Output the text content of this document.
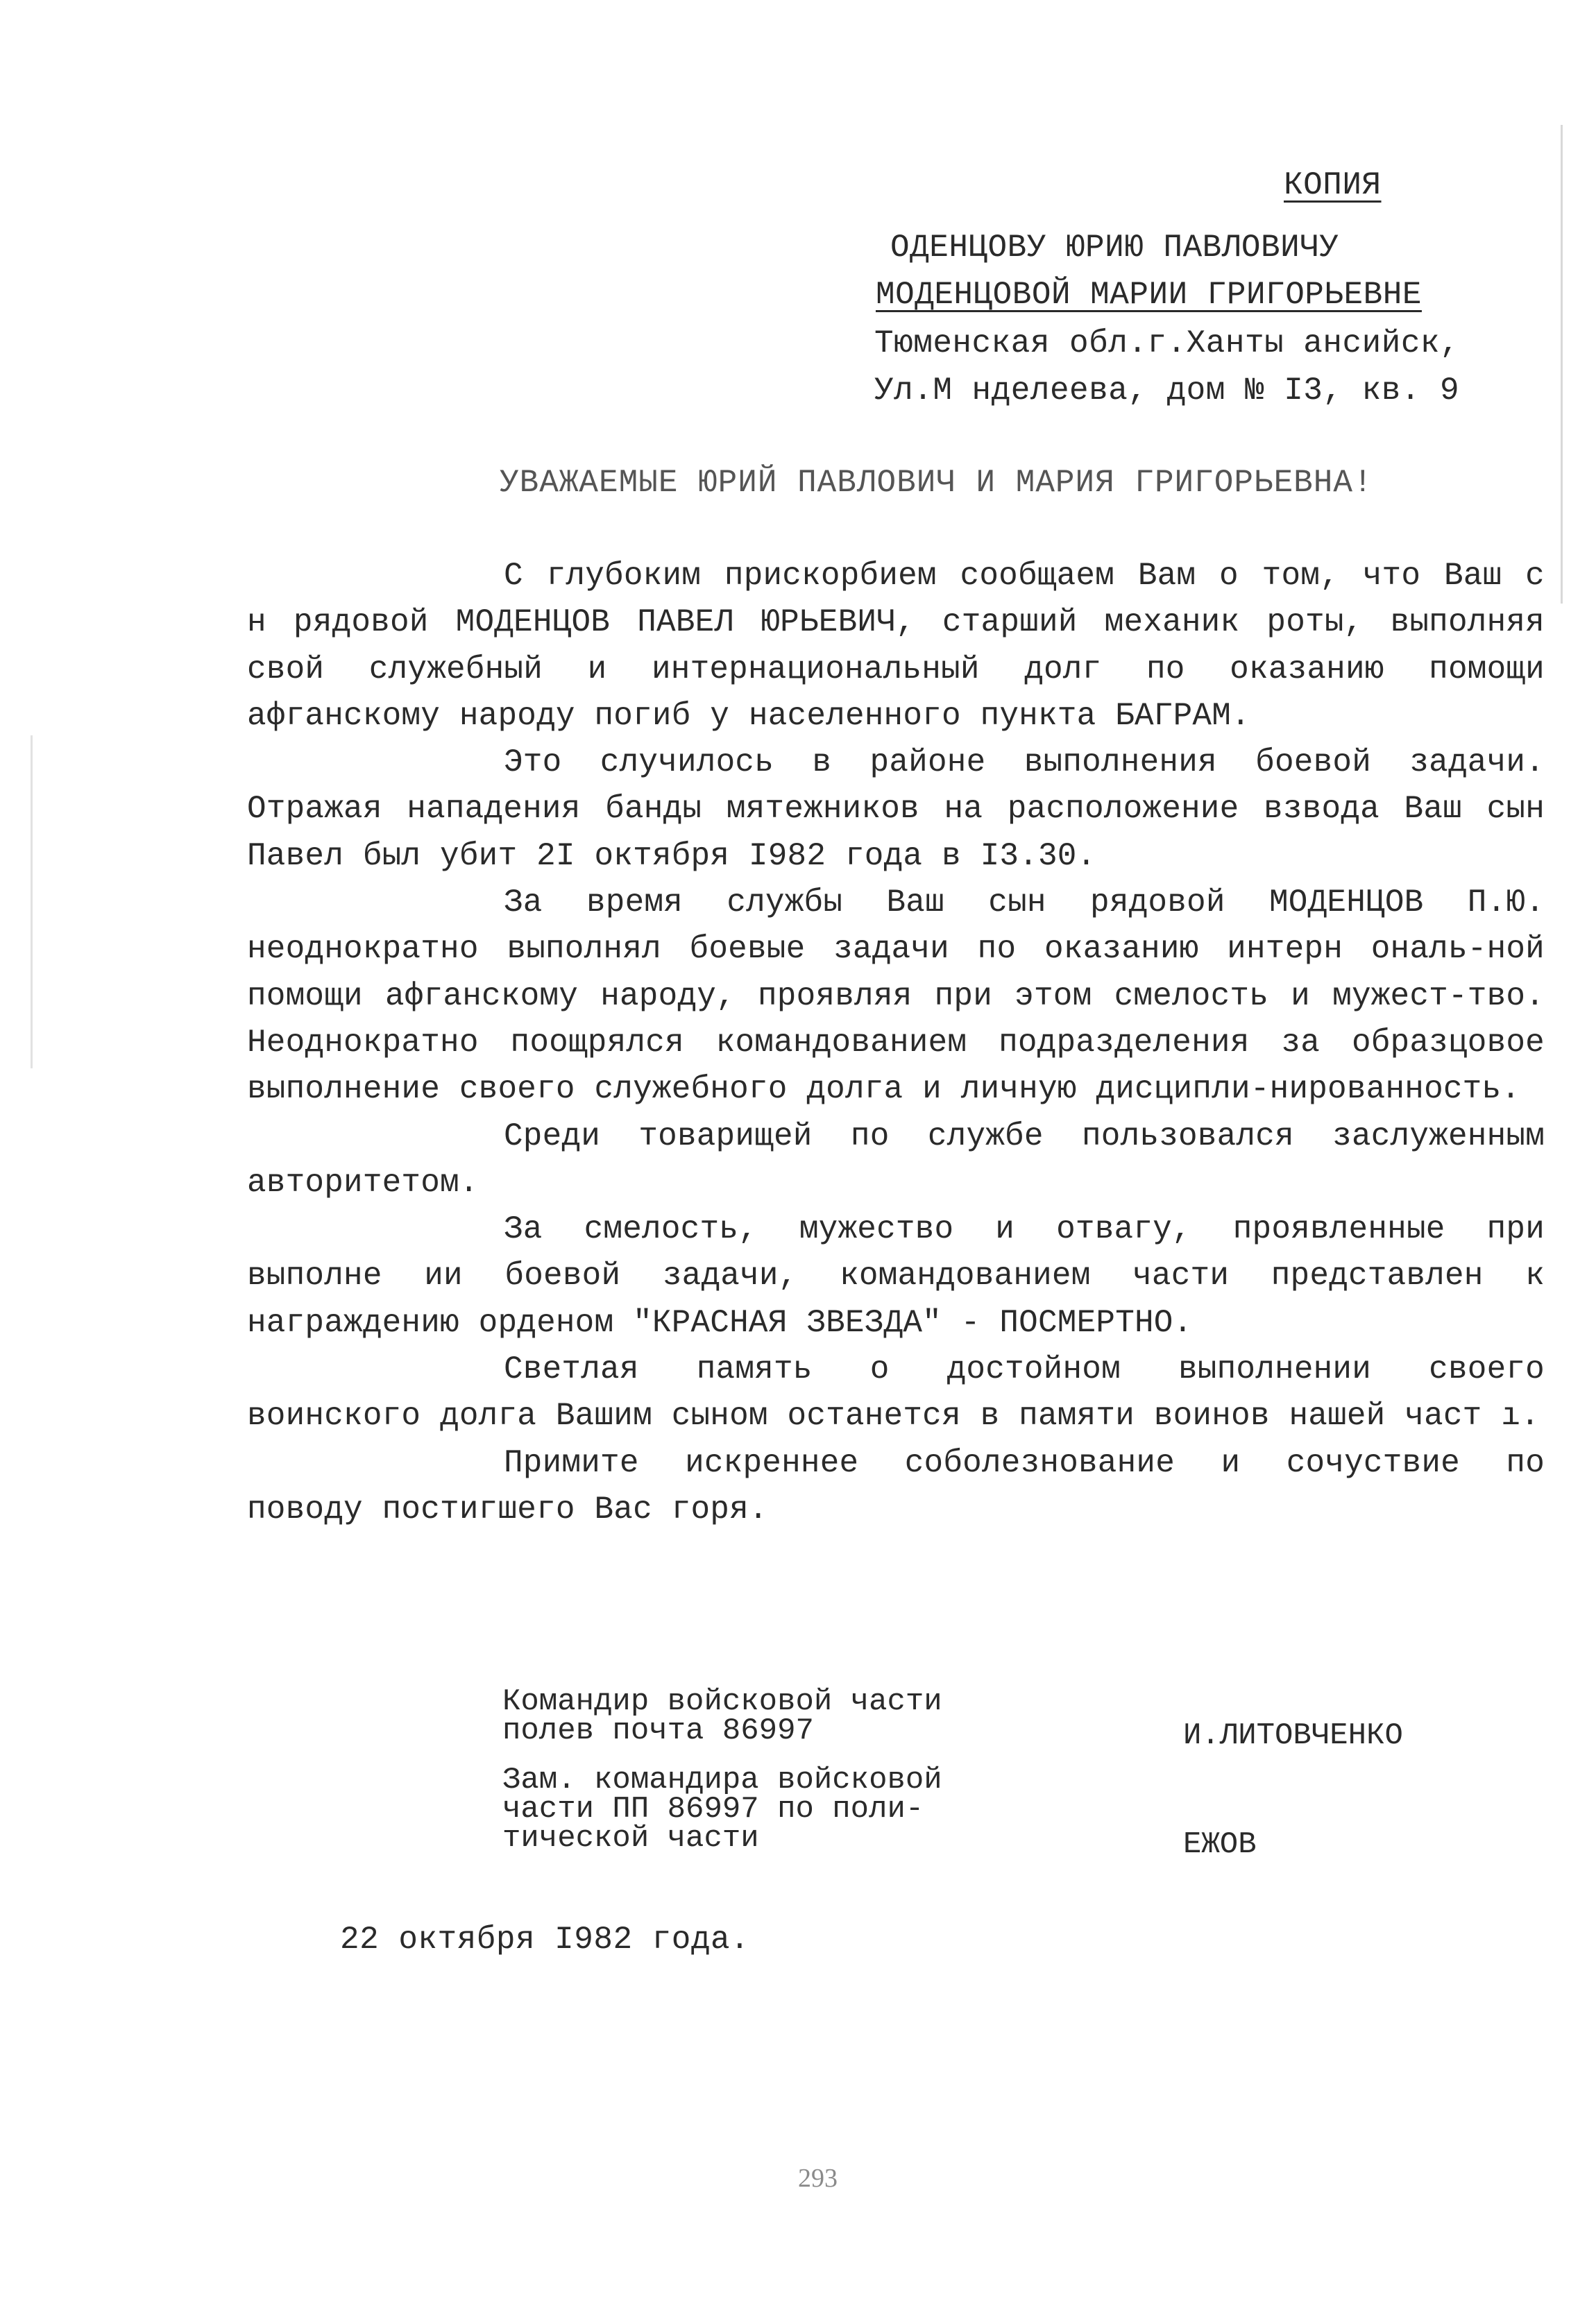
КОПИЯ
ОДЕНЦОВУ ЮРИЮ ПАВЛОВИЧУ
МОДЕНЦОВОЙ МАРИИ ГРИГОРЬЕВНЕ
Тюменская обл.г.Ханты ансийск,
Ул.М нделеева, дом № I3, кв. 9
УВАЖАЕМЫЕ ЮРИЙ ПАВЛОВИЧ И МАРИЯ ГРИГОРЬЕВНА!

С глубоким прискорбием сообщаем Вам о том, что Ваш с н рядовой МОДЕНЦОВ ПАВЕЛ ЮРЬЕВИЧ, старший механик роты, выполняя свой служебный и интернациональный долг по оказанию помощи афганскому народу погиб у населенного пункта БАГРАМ.

Это случилось в районе выполнения боевой задачи. Отражая нападения банды мятежников на расположение взвода Ваш сын Павел был убит 2I октября I982 года в I3.30.

За время службы Ваш сын рядовой МОДЕНЦОВ П.Ю. неоднократно выполнял боевые задачи по оказанию интерн ональ-ной помощи афганскому народу, проявляя при этом смелость и мужест-тво. Неоднократно поощрялся командованием подразделения за образцовое выполнение своего служебного долга и личную дисципли-нированность.

Среди товарищей по службе пользовался заслуженным авторитетом.

За смелость, мужество и отвагу, проявленные при выполне ии боевой задачи, командованием части представлен к награждению орденом "КРАСНАЯ ЗВЕЗДА" - ПОСМЕРТНО.

Светлая память о достойном выполнении своего воинского долга Вашим сыном останется в памяти воинов нашей част ı.

Примите искреннее соболезнование и сочуствие по поводу постигшего Вас горя.

Командир войсковой части
полев почта 86997	И.ЛИТОВЧЕНКО
Зам. командира войсковой
части ПП 86997 по поли-
тической части	ЕЖОВ
22 октября I982 года.
293
